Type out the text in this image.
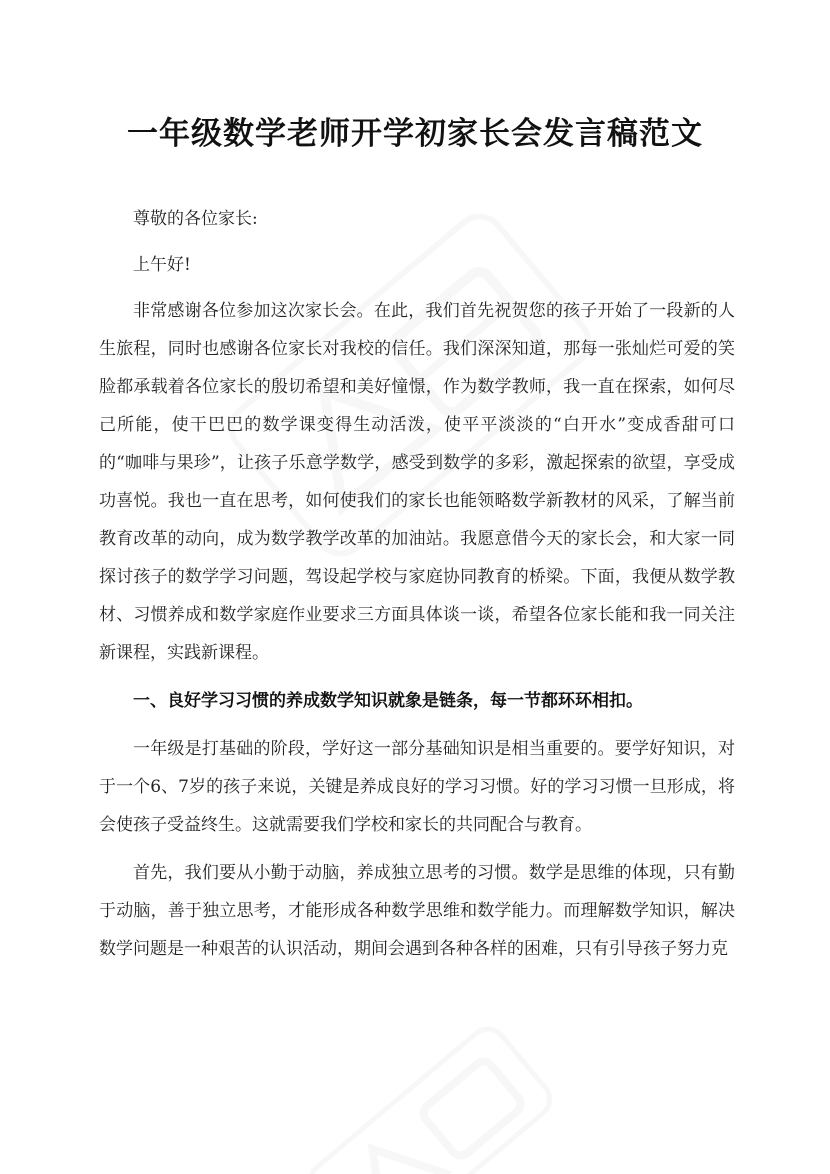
一年级数学老师开学初家长会发言稿范文

尊敬的各位家长:

上午好!

非常感谢各位参加这次家长会。在此，我们首先祝贺您的孩子开始了一段新的人生旅程，同时也感谢各位家长对我校的信任。我们深深知道，那每一张灿烂可爱的笑脸都承载着各位家长的殷切希望和美好憧憬，作为数学教师，我一直在探索，如何尽己所能，使干巴巴的数学课变得生动活泼，使平平淡淡的“白开水”变成香甜可口的“咖啡与果珍”，让孩子乐意学数学，感受到数学的多彩，激起探索的欲望，享受成功喜悦。我也一直在思考，如何使我们的家长也能领略数学新教材的风采，了解当前教育改革的动向，成为数学教学改革的加油站。我愿意借今天的家长会，和大家一同探讨孩子的数学学习问题，驾设起学校与家庭协同教育的桥梁。下面，我便从数学教材、习惯养成和数学家庭作业要求三方面具体谈一谈，希望各位家长能和我一同关注新课程，实践新课程。

一、良好学习习惯的养成数学知识就象是链条，每一节都环环相扣。

一年级是打基础的阶段，学好这一部分基础知识是相当重要的。要学好知识，对于一个6、7岁的孩子来说，关键是养成良好的学习习惯。好的学习习惯一旦形成，将会使孩子受益终生。这就需要我们学校和家长的共同配合与教育。

首先，我们要从小勤于动脑，养成独立思考的习惯。数学是思维的体现，只有勤于动脑，善于独立思考，才能形成各种数学思维和数学能力。而理解数学知识，解决数学问题是一种艰苦的认识活动，期间会遇到各种各样的困难，只有引导孩子努力克
